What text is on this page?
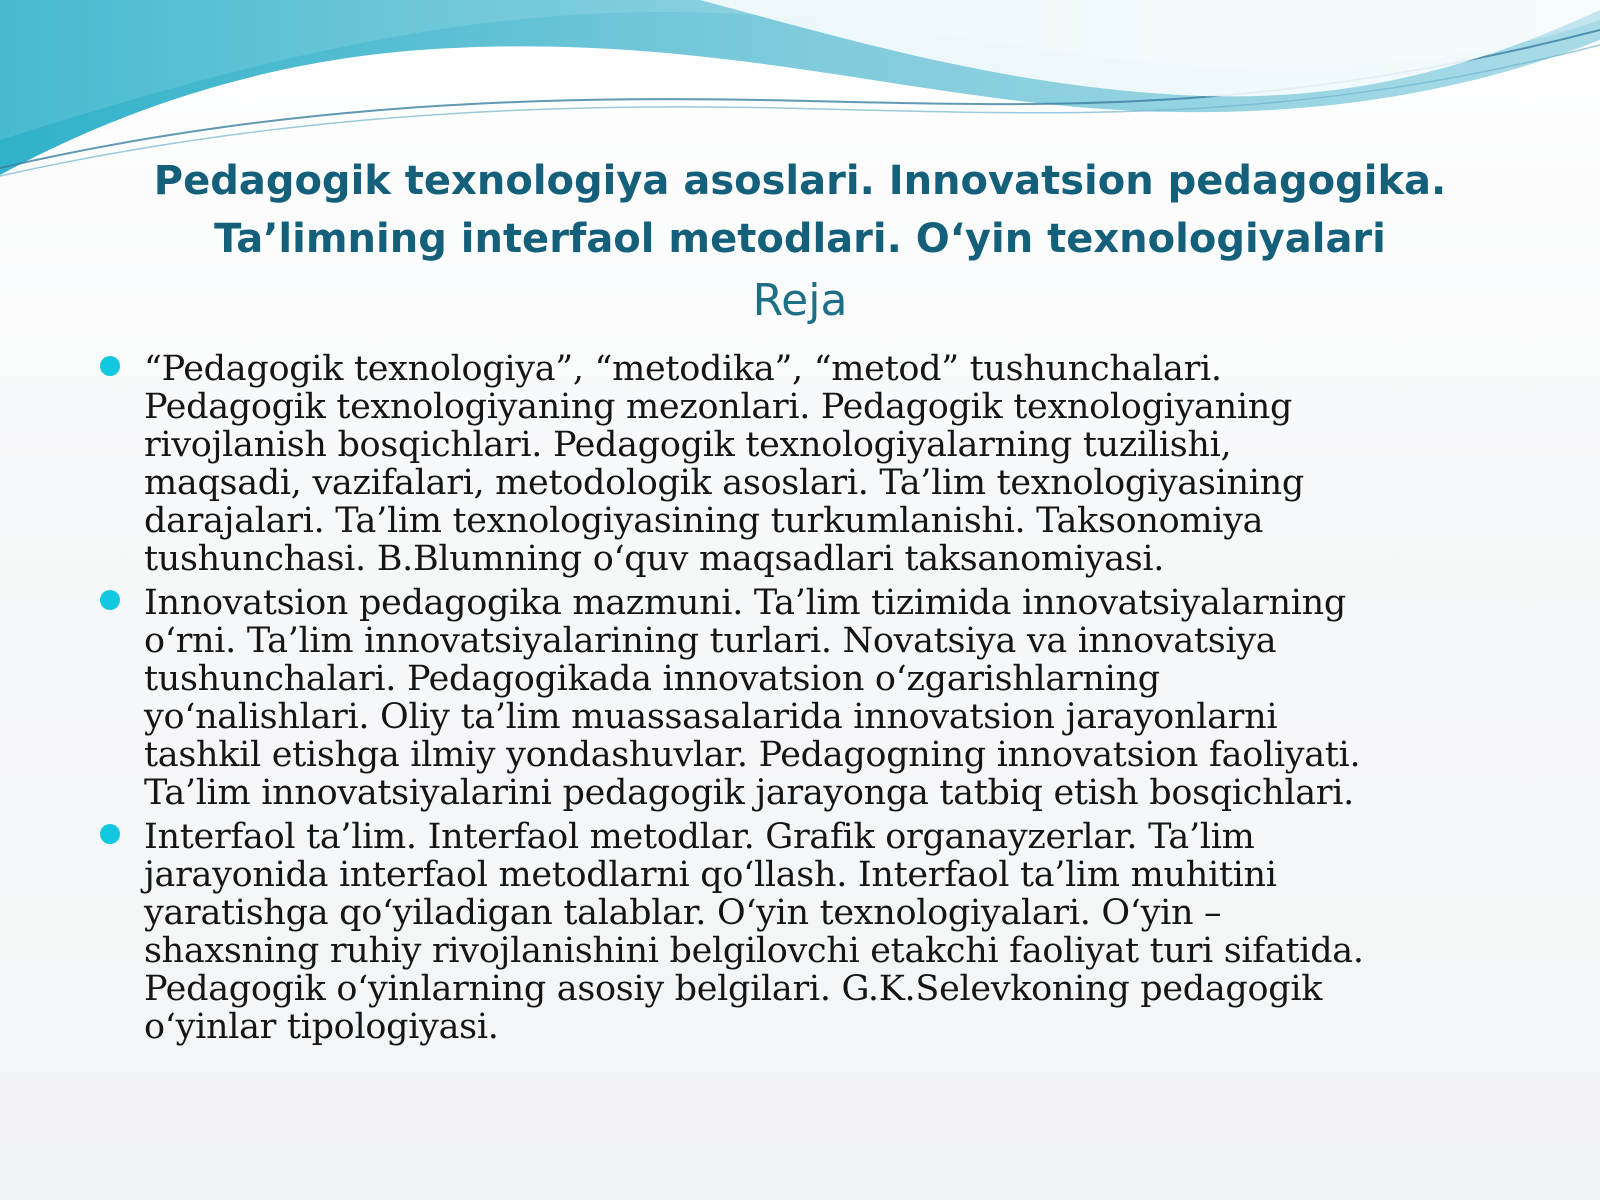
Pedagogik texnologiya asoslari. Innovatsion pedagogika.
Ta’limning interfaol metodlari. O‘yin texnologiyalari
Reja
“Pedagogik texnologiya”, “metodika”, “metod” tushunchalari.
Pedagogik texnologiyaning mezonlari. Pedagogik texnologiyaning
rivojlanish bosqichlari. Pedagogik texnologiyalarning tuzilishi,
maqsadi, vazifalari, metodologik asoslari. Ta’lim texnologiyasining
darajalari. Ta’lim texnologiyasining turkumlanishi. Taksonomiya
tushunchasi. B.Blumning o‘quv maqsadlari taksanomiyasi.
Innovatsion pedagogika mazmuni. Ta’lim tizimida innovatsiyalarning
o‘rni. Ta’lim innovatsiyalarining turlari. Novatsiya va innovatsiya
tushunchalari. Pedagogikada innovatsion o‘zgarishlarning
yo‘nalishlari. Oliy ta’lim muassasalarida innovatsion jarayonlarni
tashkil etishga ilmiy yondashuvlar. Pedagogning innovatsion faoliyati.
Ta’lim innovatsiyalarini pedagogik jarayonga tatbiq etish bosqichlari.
Interfaol ta’lim. Interfaol metodlar. Grafik organayzerlar. Ta’lim
jarayonida interfaol metodlarni qo‘llash. Interfaol ta’lim muhitini
yaratishga qo‘yiladigan talablar. O‘yin texnologiyalari. O‘yin –
shaxsning ruhiy rivojlanishini belgilovchi etakchi faoliyat turi sifatida.
Pedagogik o‘yinlarning asosiy belgilari. G.K.Selevkoning pedagogik
o‘yinlar tipologiyasi.
